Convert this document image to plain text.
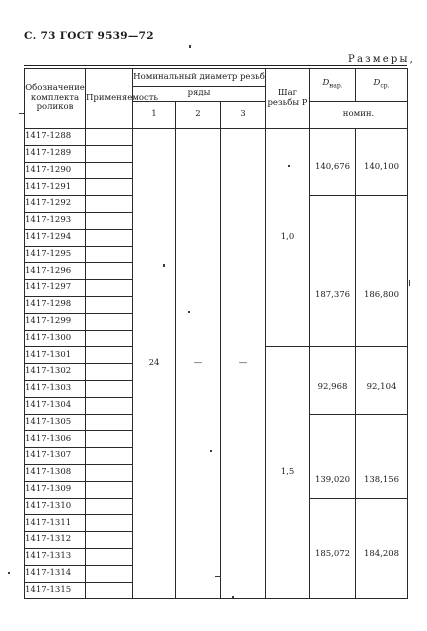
С. 73 ГОСТ 9539—72
Размеры,
Обозначение комплекта роликов	Применяемость	Номинальный диаметр резьб			Шаг резьбы P	$D_{нар.}$	$D_{ср.}$
		ряды					
		1	2	3		номин.	
1417-1288		24	—	—	1,0	140,676	140,100

1417-1289							
1417-1290							
1417-1291							
1417-1292						187,376	186,800

1417-1293							
1417-1294							
1417-1295							
1417-1296							
1417-1297							
1417-1298							
1417-1299							
1417-1300							
1417-1301					1,5	92,968	92,104

1417-1302							
1417-1303							
1417-1304							
1417-1305						139,020	138,156

1417-1306							
1417-1307							
1417-1308							
1417-1309							
1417-1310						185,072	184,208

1417-1311							
1417-1312							
1417-1313							
1417-1314							
1417-1315							
